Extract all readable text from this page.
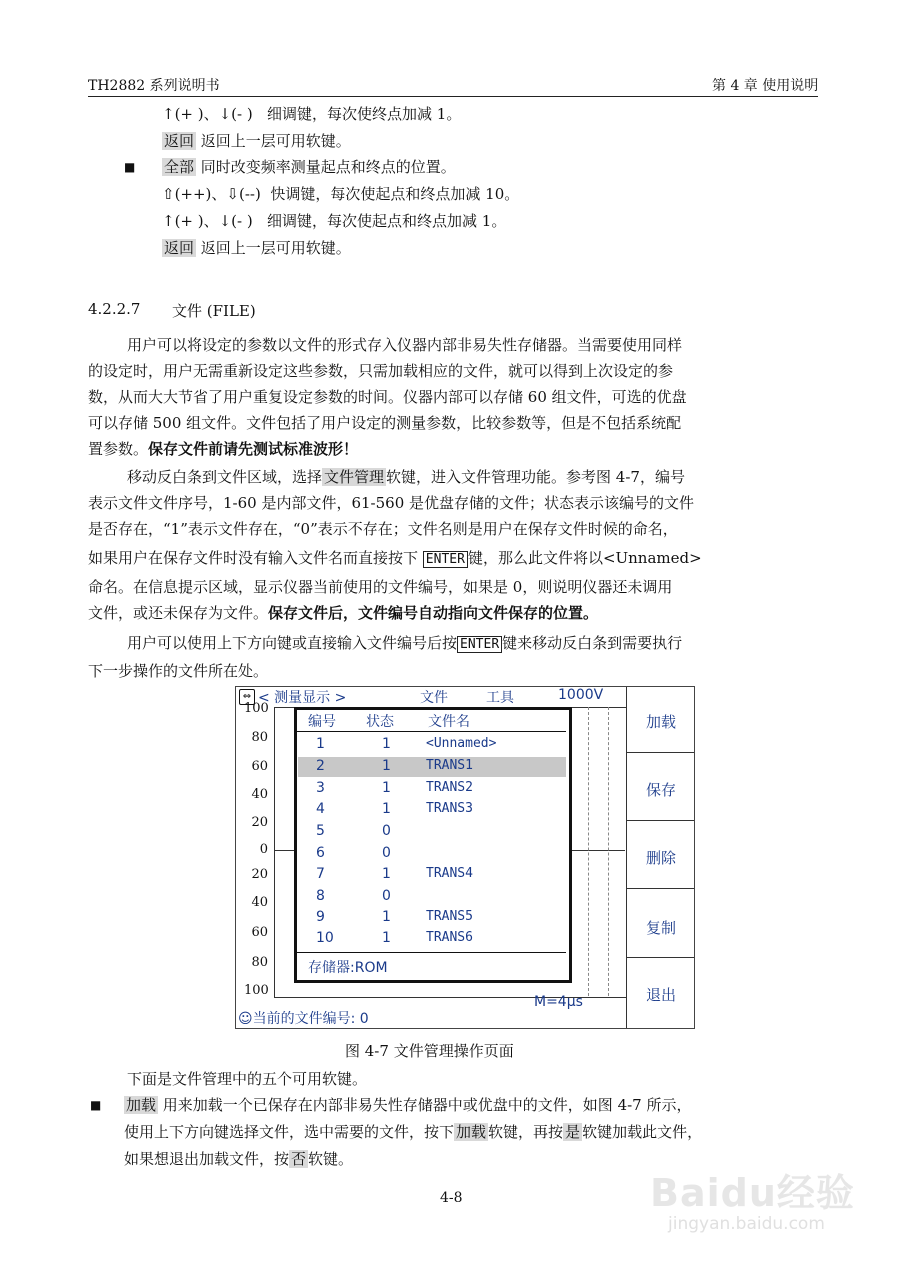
TH2882 系列说明书	第 4 章 使用说明
↑(+ )、↓(- ) 细调键，每次使终点加减 1。
返回 返回上一层可用软键。
■ 全部 同时改变频率测量起点和终点的位置。
⇧(++)、⇩(--) 快调键，每次使起点和终点加减 10。
↑(+ )、↓(- ) 细调键，每次使起点和终点加减 1。
返回 返回上一层可用软键。
4.2.2.7 文件 (FILE)
用户可以将设定的参数以文件的形式存入仪器内部非易失性存储器。当需要使用同样
的设定时，用户无需重新设定这些参数，只需加载相应的文件，就可以得到上次设定的参
数，从而大大节省了用户重复设定参数的时间。仪器内部可以存储 60 组文件，可选的优盘
可以存储 500 组文件。文件包括了用户设定的测量参数，比较参数等，但是不包括系统配
置参数。保存文件前请先测试标准波形！
移动反白条到文件区域，选择 文件管理 软键，进入文件管理功能。参考图 4-7，编号
表示文件文件序号，1-60 是内部文件，61-560 是优盘存储的文件；状态表示该编号的文件
是否存在，“1”表示文件存在，“0”表示不存在；文件名则是用户在保存文件时候的命名，
如果用户在保存文件时没有输入文件名而直接按下 ENTER 键，那么此文件将以<Unnamed>
命名。在信息提示区域，显示仪器当前使用的文件编号，如果是 0，则说明仪器还未调用
文件，或还未保存为文件。保存文件后，文件编号自动指向文件保存的位置。
用户可以使用上下方向键或直接输入文件编号后按 ENTER 键来移动反白条到需要执行
下一步操作的文件所在处。
⇔ < 测量显示 >	文件	工具	1000V
100
80
60
40
20
0
20
40
60
80
100
编号 状态 文件名
1	1	<Unnamed>
2	1	TRANS1
3	1	TRANS2
4	1	TRANS3
5	0
6	0
7	1	TRANS4
8	0
9	1	TRANS5
10	1	TRANS6
存储器:ROM
M=4μs
☺当前的文件编号: 0
加载
保存
删除
复制
退出
图 4-7 文件管理操作页面
下面是文件管理中的五个可用软键。
■ 加载 用来加载一个已保存在内部非易失性存储器中或优盘中的文件，如图 4-7 所示，
使用上下方向键选择文件，选中需要的文件，按下 加载 软键，再按 是 软键加载此文件，
如果想退出加载文件，按 否 软键。
4-8	Baidu经验
jingyan.baidu.com
